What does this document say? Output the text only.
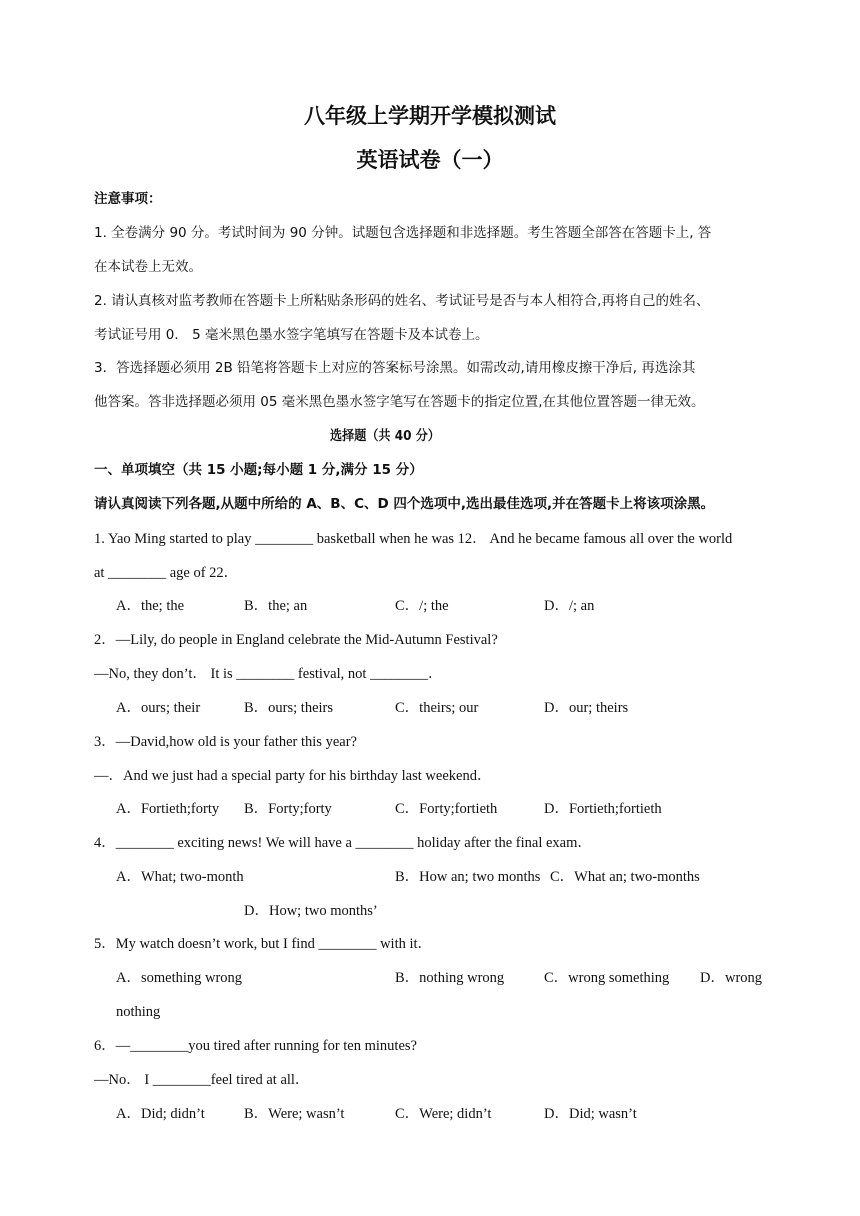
八年级上学期开学模拟测试
英语试卷（一）
注意事项：
1. 全卷满分 90 分。考试时间为 90 分钟。试题包含选择题和非选择题。考生答题全部答在答题卡上, 答
在本试卷上无效。
2. 请认真核对监考教师在答题卡上所粘贴条形码的姓名、考试证号是否与本人相符合,再将自己的姓名、
考试证号用 0． 5 毫米黑色墨水签字笔填写在答题卡及本试卷上。
3．答选择题必须用 2B 铅笔将答题卡上对应的答案标号涂黑。如需改动,请用橡皮擦干净后, 再选涂其
他答案。答非选择题必须用 05 毫米黑色墨水签字笔写在答题卡的指定位置,在其他位置答题一律无效。
选择题（共 40 分）
一、单项填空（共 15 小题;每小题 1 分,满分 15 分）
请认真阅读下列各题,从题中所给的 A、B、C、D 四个选项中,选出最佳选项,并在答题卡上将该项涂黑。
1. Yao Ming started to play ________ basketball when he was 12． And he became famous all over the world
at ________ age of 22．
A．the; the	B．the; an	C．/; the	D．/; an
2．—Lily, do people in England celebrate the Mid-Autumn Festival?
—No, they don’t． It is ________ festival, not ________．
A．ours; their	B．ours; theirs	C．theirs; our	D．our; theirs
3．—David,how old is your father this year?
—．And we just had a special party for his birthday last weekend．
A．Fortieth;forty B．Forty;forty	C．Forty;fortieth	D．Fortieth;fortieth
4．________ exciting news! We will have a ________ holiday after the final exam．
A．What; two-month	B．How an; two months C．What an; two-months
D．How; two months’
5．My watch doesn’t work, but I find ________ with it．
A．something wrong	B．nothing wrong	C．wrong something D．wrong
nothing
6．—________you tired after running for ten minutes?
—No． I ________feel tired at all．
A．Did; didn’t	B．Were; wasn’t	C．Were; didn’t	D．Did; wasn’t
